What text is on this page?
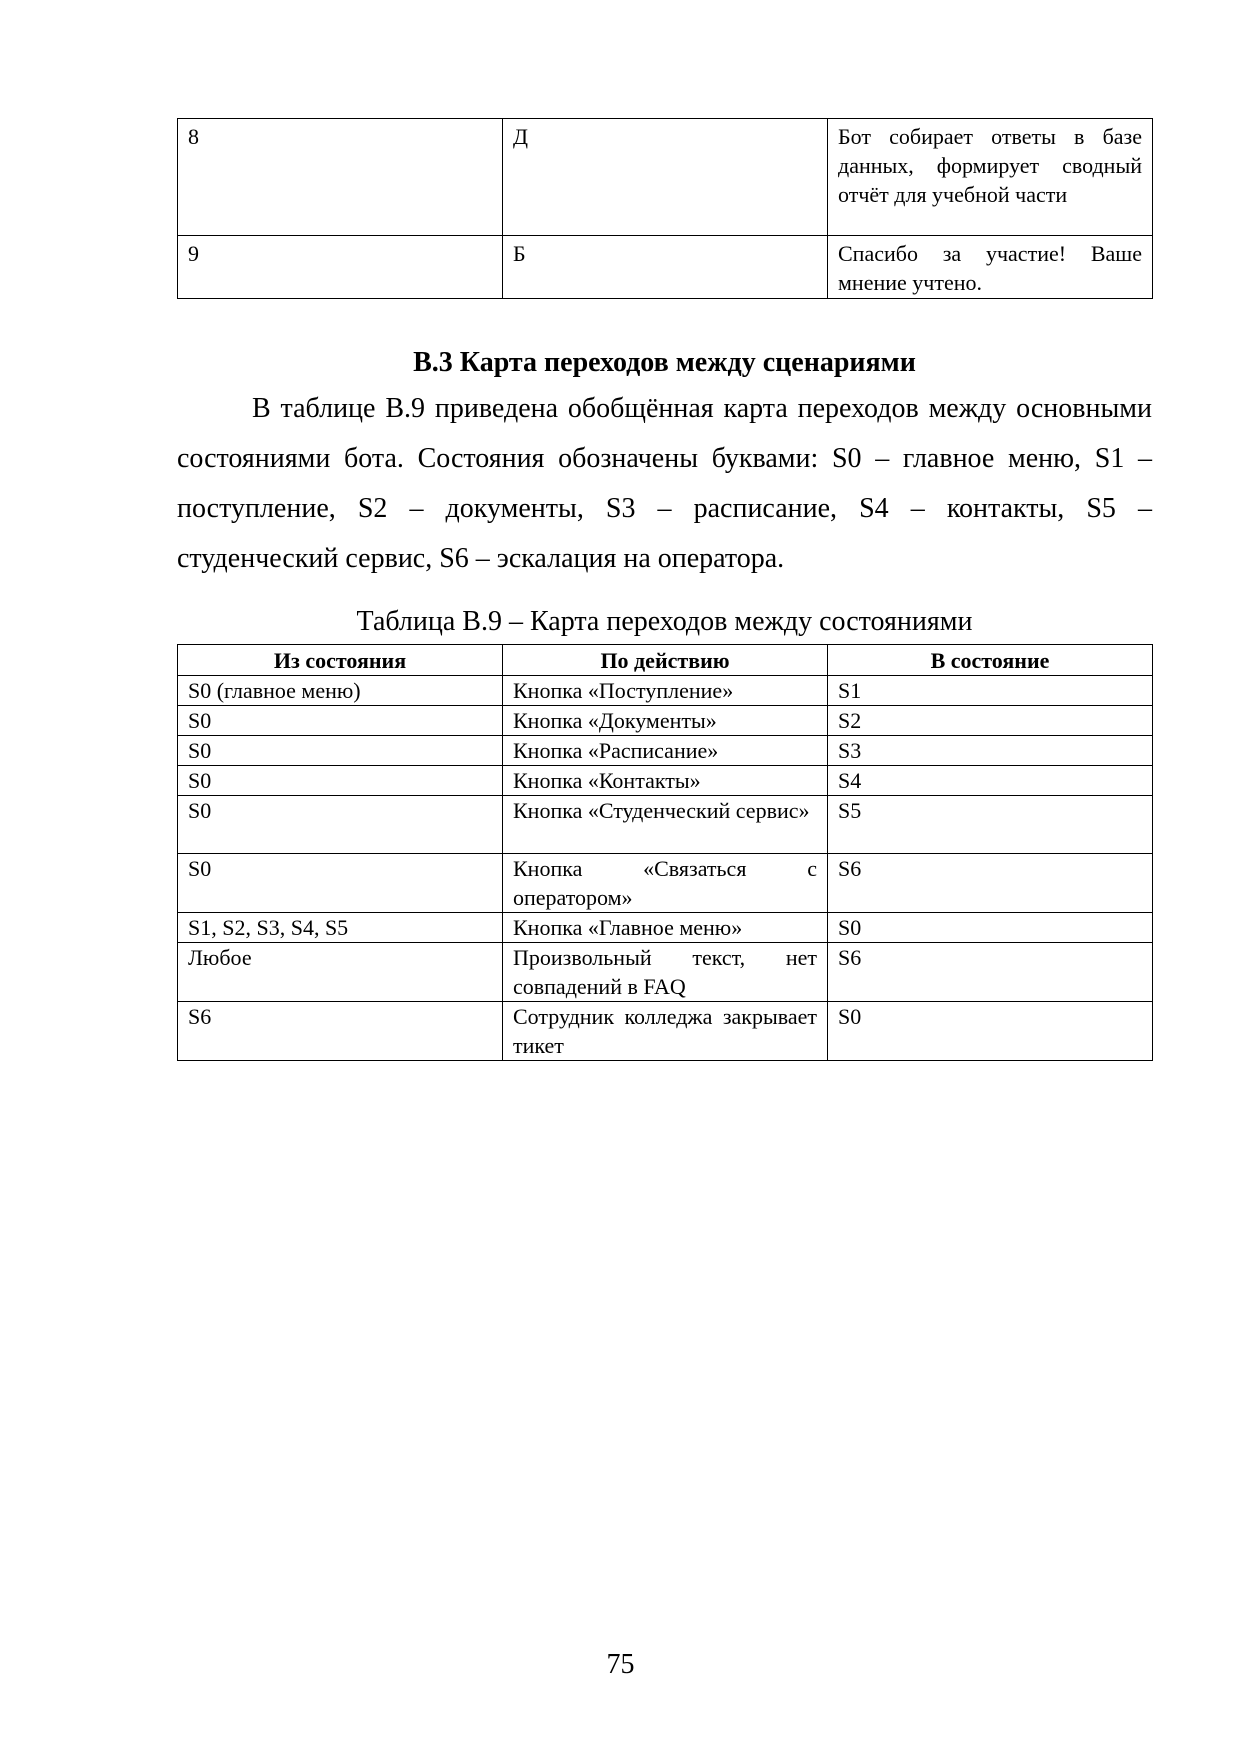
8	Д	Бот собирает ответы в базе данных, формирует сводный отчёт для учебной части
9	Б	Спасибо за участие! Ваше мнение учтено.
В.3 Карта переходов между сценариями

В таблице В.9 приведена обобщённая карта переходов между основными состояниями бота. Состояния обозначены буквами: S0 – главное меню, S1 – поступление, S2 – документы, S3 – расписание, S4 – контакты, S5 – студенческий сервис, S6 – эскалация на оператора.

Таблица В.9 – Карта переходов между состояниями

Из состояния	По действию	В состояние
S0 (главное меню)	Кнопка «Поступление»	S1
S0	Кнопка «Документы»	S2
S0	Кнопка «Расписание»	S3
S0	Кнопка «Контакты»	S4
S0	Кнопка «Студенческий сервис»	S5
S0	Кнопка «Связаться с оператором»	S6
S1, S2, S3, S4, S5	Кнопка «Главное меню»	S0
Любое	Произвольный текст, нет совпадений в FAQ	S6
S6	Сотрудник колледжа закрывает тикет	S0

75
